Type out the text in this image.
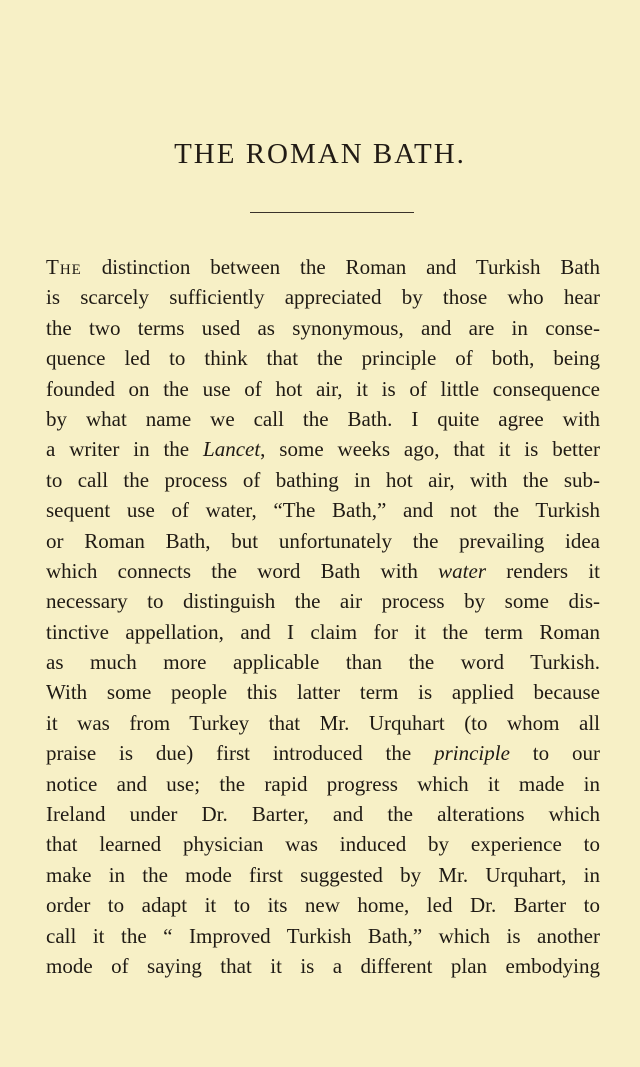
THE ROMAN BATH.
The distinction between the Roman and Turkish Bath
is scarcely sufficiently appreciated by those who hear
the two terms used as synonymous, and are in conse-
quence led to think that the principle of both, being
founded on the use of hot air, it is of little consequence
by what name we call the Bath. I quite agree with
a writer in the Lancet, some weeks ago, that it is better
to call the process of bathing in hot air, with the sub-
sequent use of water, “The Bath,” and not the Turkish
or Roman Bath, but unfortunately the prevailing idea
which connects the word Bath with water renders it
necessary to distinguish the air process by some dis-
tinctive appellation, and I claim for it the term Roman
as much more applicable than the word Turkish.
With some people this latter term is applied because
it was from Turkey that Mr. Urquhart (to whom all
praise is due) first introduced the principle to our
notice and use; the rapid progress which it made in
Ireland under Dr. Barter, and the alterations which
that learned physician was induced by experience to
make in the mode first suggested by Mr. Urquhart, in
order to adapt it to its new home, led Dr. Barter to
call it the “ Improved Turkish Bath,” which is another
mode of saying that it is a different plan embodying
